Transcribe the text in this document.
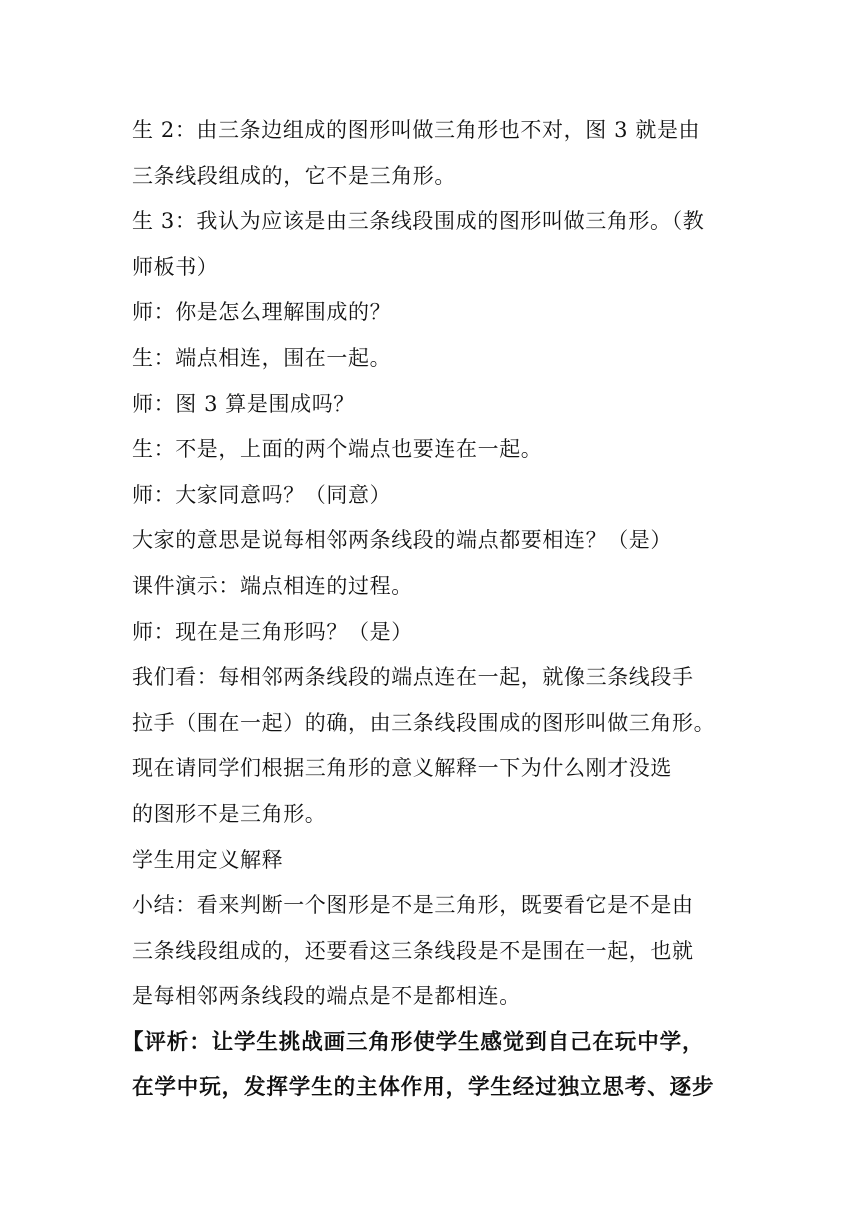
生 2：由三条边组成的图形叫做三角形也不对，图 3 就是由
三条线段组成的，它不是三角形。
生 3：我认为应该是由三条线段围成的图形叫做三角形。（教
师板书）
师：你是怎么理解围成的？
生：端点相连，围在一起。
师：图 3 算是围成吗？
生：不是，上面的两个端点也要连在一起。
师：大家同意吗？（同意）
大家的意思是说每相邻两条线段的端点都要相连？（是）
课件演示：端点相连的过程。
师：现在是三角形吗？（是）
我们看：每相邻两条线段的端点连在一起，就像三条线段手
拉手（围在一起）的确，由三条线段围成的图形叫做三角形。
现在请同学们根据三角形的意义解释一下为什么刚才没选
的图形不是三角形。
学生用定义解释
小结：看来判断一个图形是不是三角形，既要看它是不是由
三条线段组成的，还要看这三条线段是不是围在一起，也就
是每相邻两条线段的端点是不是都相连。
【评析：让学生挑战画三角形使学生感觉到自己在玩中学，
在学中玩，发挥学生的主体作用，学生经过独立思考、逐步
